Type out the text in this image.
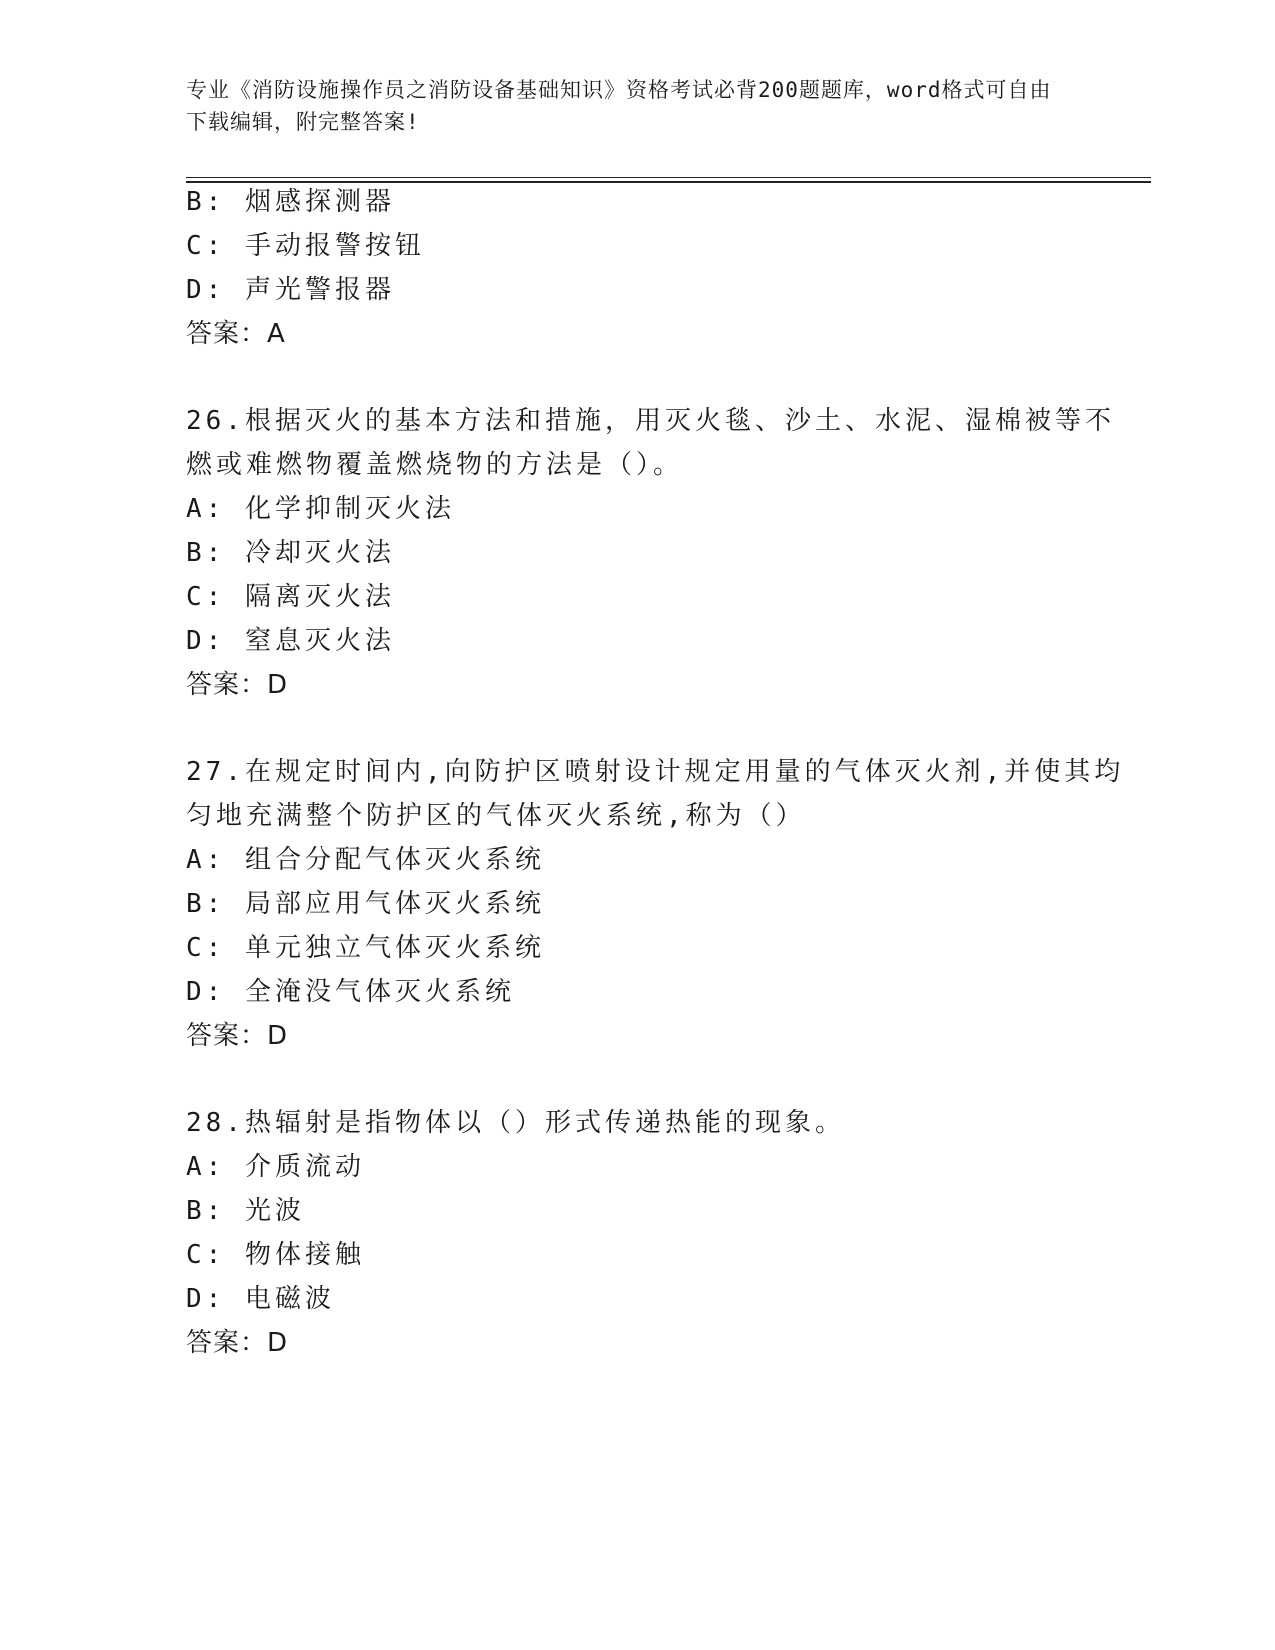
专业《消防设施操作员之消防设备基础知识》资格考试必背200题题库，word格式可自由下载编辑，附完整答案!
B: 烟感探测器
C: 手动报警按钮
D: 声光警报器
答案：A
26.根据灭火的基本方法和措施，用灭火毯、沙土、水泥、湿棉被等不
燃或难燃物覆盖燃烧物的方法是（）。
A: 化学抑制灭火法
B: 冷却灭火法
C: 隔离灭火法
D: 窒息灭火法
答案：D
27.在规定时间内,向防护区喷射设计规定用量的气体灭火剂,并使其均
匀地充满整个防护区的气体灭火系统,称为（）
A: 组合分配气体灭火系统
B: 局部应用气体灭火系统
C: 单元独立气体灭火系统
D: 全淹没气体灭火系统
答案：D
28.热辐射是指物体以（）形式传递热能的现象。
A: 介质流动
B: 光波
C: 物体接触
D: 电磁波
答案：D
